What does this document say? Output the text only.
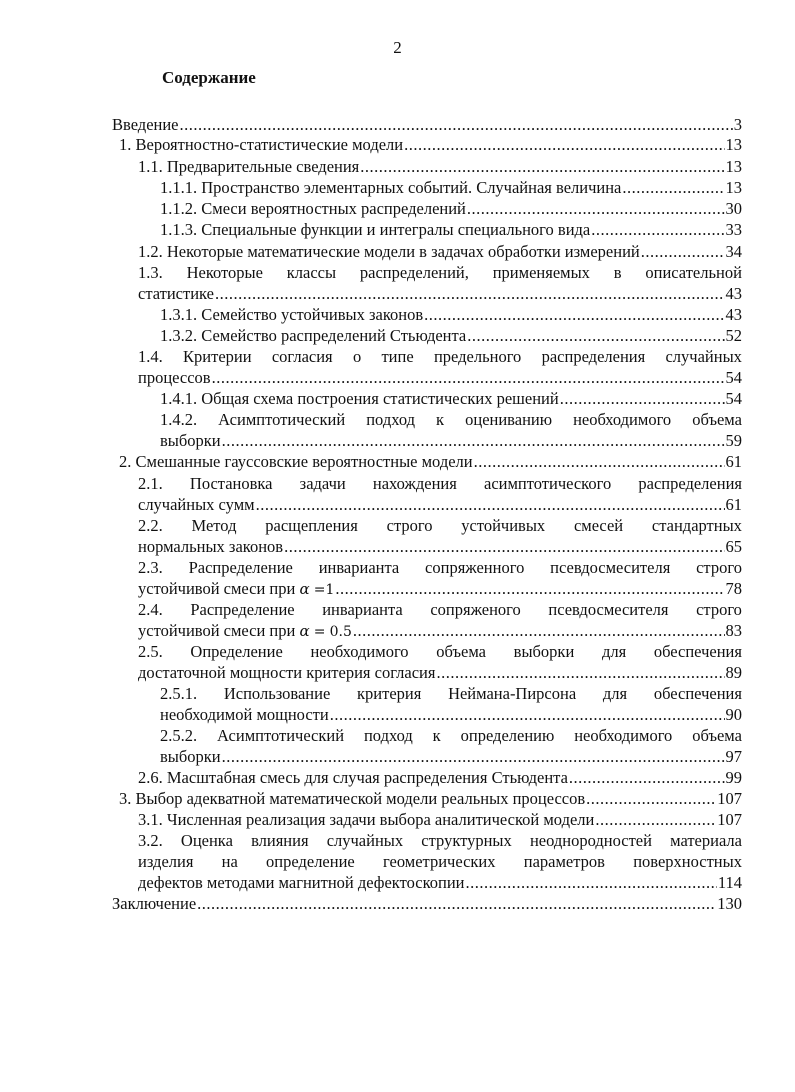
2
Содержание
Введение .....	3
1. Вероятностно-статистические модели .....	13
1.1. Предварительные сведения .....	13
1.1.1. Пространство элементарных событий. Случайная величина .....	13
1.1.2. Смеси вероятностных распределений .....	30
1.1.3. Специальные функции и интегралы специального вида .....	33
1.2. Некоторые математические модели в задачах обработки измерений .....	34
1.3. Некоторые классы распределений, применяемых в описательной
статистике .....	43
1.3.1. Семейство устойчивых законов .....	43
1.3.2. Семейство распределений Стьюдента .....	52
1.4. Критерии согласия о типе предельного распределения случайных
процессов .....	54
1.4.1. Общая схема построения статистических решений .....	54
1.4.2. Асимптотический подход к оцениванию необходимого объема
выборки .....	59
2. Смешанные гауссовские вероятностные модели .....	61
2.1. Постановка задачи нахождения асимптотического распределения
случайных сумм .....	61
2.2. Метод расщепления строго устойчивых смесей стандартных
нормальных законов .....	65
2.3. Распределение инварианта сопряженного псевдосмесителя строго
устойчивой смеси при α =1 .....	78
2.4. Распределение инварианта сопряженого псевдосмесителя строго
устойчивой смеси при α = 0.5 .....	83
2.5. Определение необходимого объема выборки для обеспечения
достаточной мощности критерия согласия .....	89
2.5.1. Использование критерия Неймана-Пирсона для обеспечения
необходимой мощности .....	90
2.5.2. Асимптотический подход к определению необходимого объема
выборки .....	97
2.6. Масштабная смесь для случая распределения Стьюдента .....	99
3. Выбор адекватной математической модели реальных процессов .....	107
3.1. Численная реализация задачи выбора аналитической модели .....	107
3.2. Оценка влияния случайных структурных неоднородностей материала
изделия на определение геометрических параметров поверхностных
дефектов методами магнитной дефектоскопии .....	114
Заключение .....	130
